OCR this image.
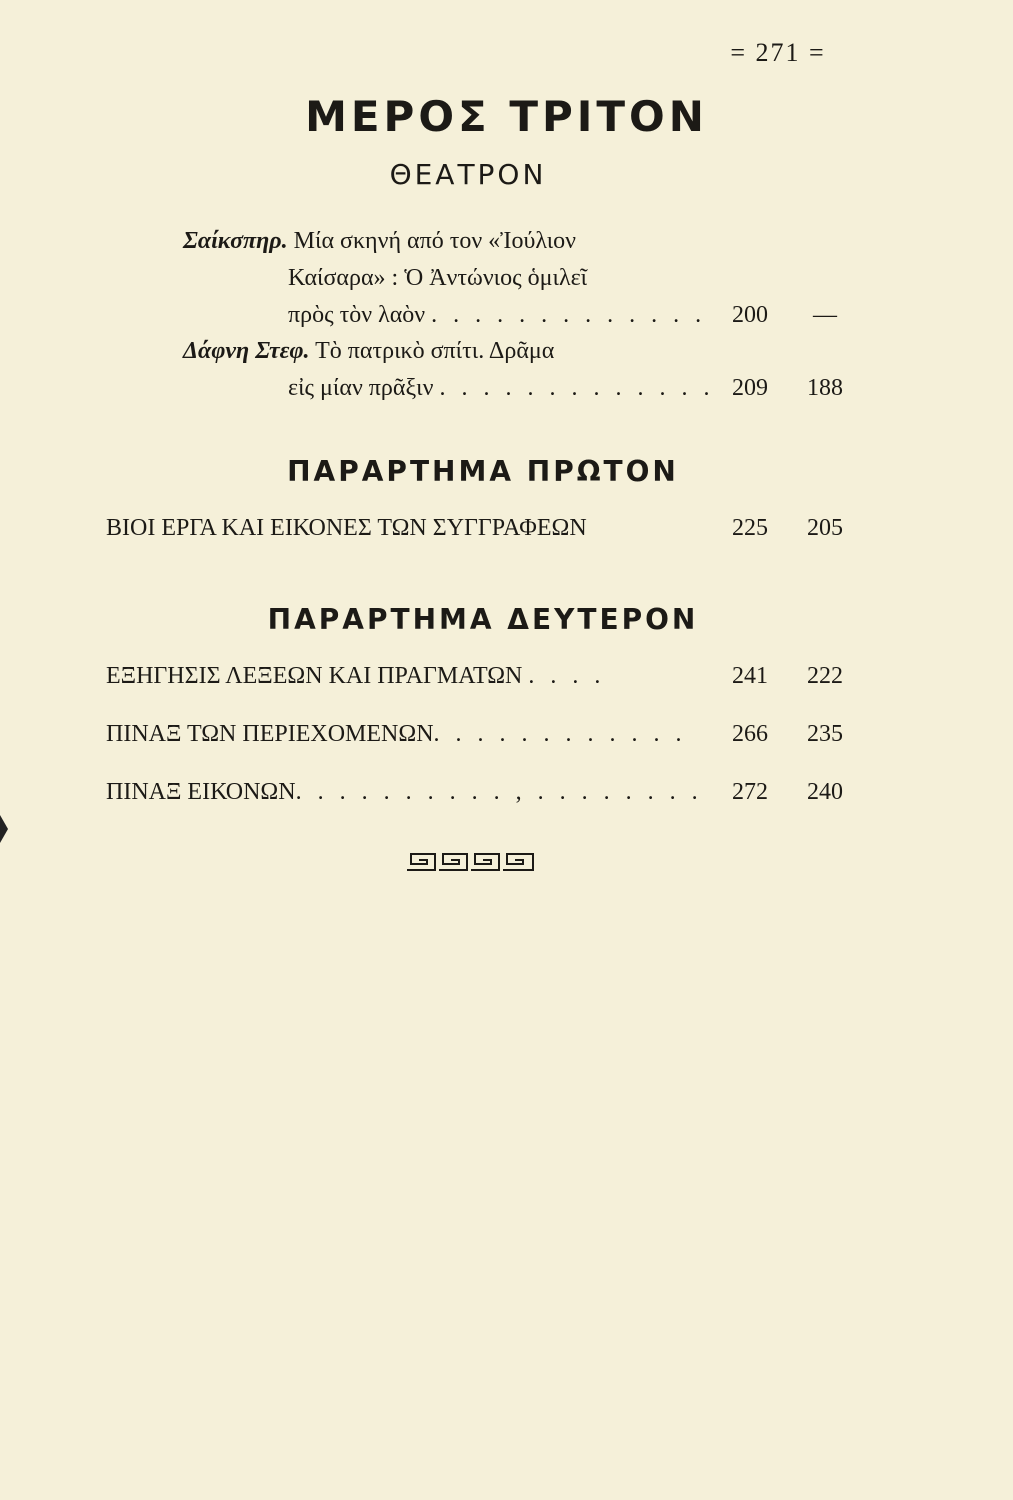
= 271 =
ΜΕΡΟΣ ΤΡΙΤΟΝ
ΘΕΑΤΡΟΝ
Σαίκσπηρ. Μία σκηνή από τον «Ἰούλιον
Καίσαρα» : Ὁ Ἀντώνιος ὁμιλεῖ
πρὸς τὸν λαὸν . . . . . . . . . . . . .	200	—
Δάφνη Στεφ. Τὸ πατρικὸ σπίτι. Δρᾶμα
εἰς μίαν πρᾶξιν . . . . . . . . . . . . . 209	188
ΠΑΡΑΡΤΗΜΑ ΠΡΩΤΟΝ
ΒΙΟΙ ΕΡΓΑ ΚΑΙ ΕΙΚΟΝΕΣ ΤΩΝ ΣΥΓΓΡΑΦΕΩΝ	225	205
ΠΑΡΑΡΤΗΜΑ ΔΕΥΤΕΡΟΝ
ΕΞΗΓΗΣΙΣ ΛΕΞΕΩΝ ΚΑΙ ΠΡΑΓΜΑΤΩΝ . . . .	241	222
ΠΙΝΑΞ ΤΩΝ ΠΕΡΙΕΧΟΜΕΝΩΝ. . . . . . . . . . . .	266	235
ΠΙΝΑΞ ΕΙΚΟΝΩΝ. . . . . . . . . . , . . . . . . . .	272	240
